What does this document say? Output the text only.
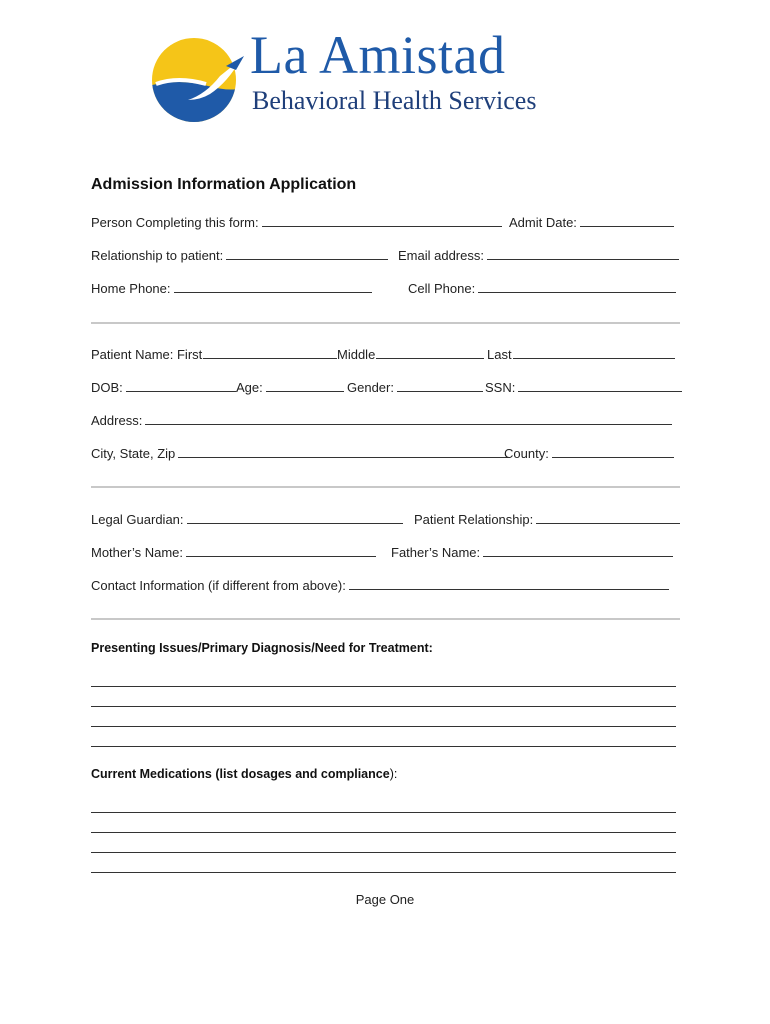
La Amistad
Behavioral Health Services
Admission Information Application
Person Completing this form:	Admit Date:
Relationship to patient:	Email address:
Home Phone:	Cell Phone:
Patient Name: First	Middle	Last
DOB:	Age:	Gender:	SSN:
Address:
City, State, Zip	County:
Legal Guardian:	Patient Relationship:
Mother’s Name:	Father’s Name:
Contact Information (if different from above):
Presenting Issues/Primary Diagnosis/Need for Treatment:
Current Medications (list dosages and compliance):
Page One
